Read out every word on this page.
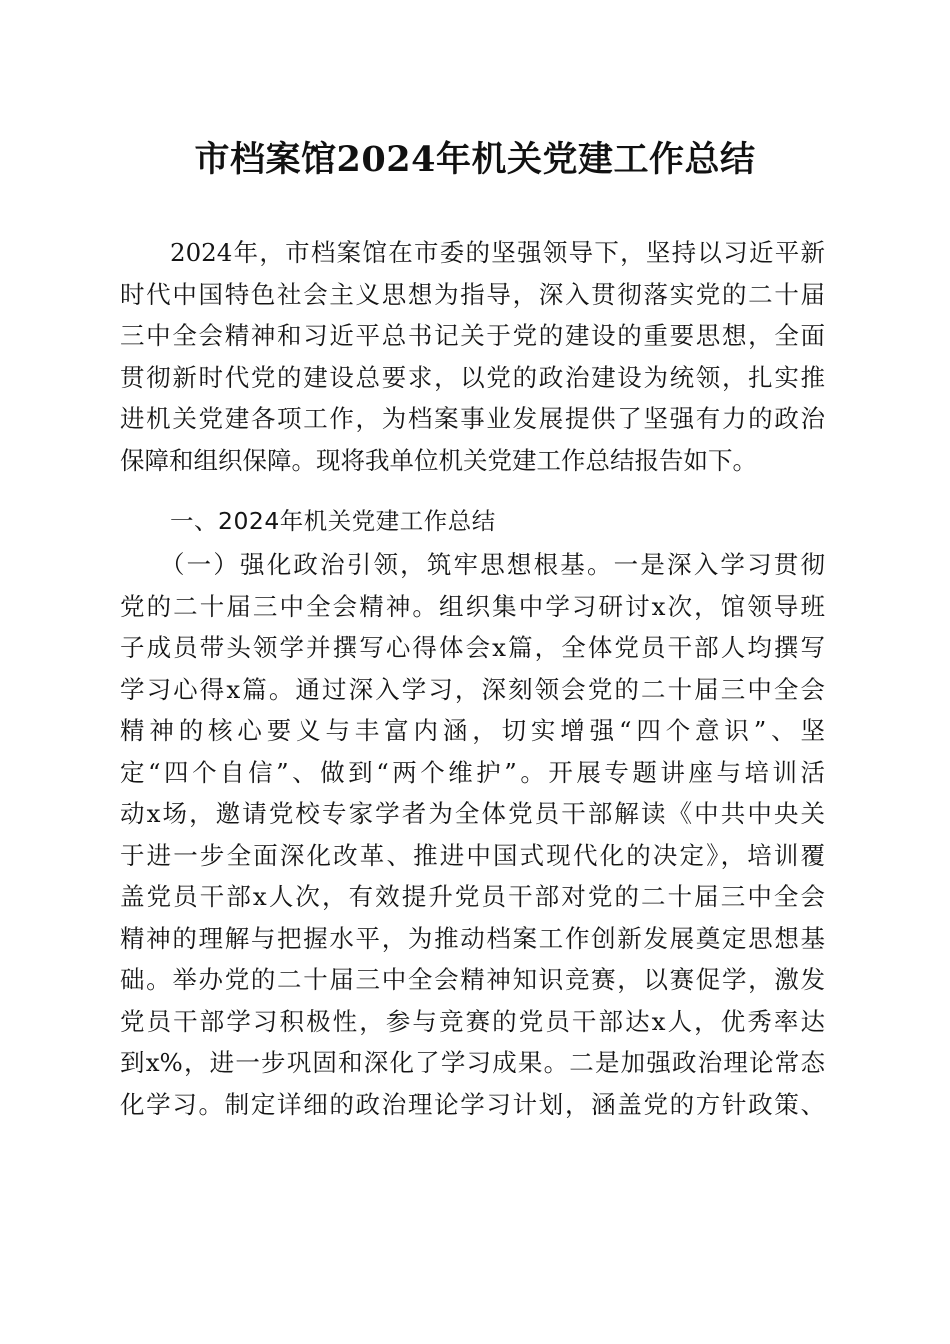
市档案馆2024年机关党建工作总结
2024年，市档案馆在市委的坚强领导下，坚持以习近平新
时代中国特色社会主义思想为指导，深入贯彻落实党的二十届
三中全会精神和习近平总书记关于党的建设的重要思想，全面
贯彻新时代党的建设总要求，以党的政治建设为统领，扎实推
进机关党建各项工作，为档案事业发展提供了坚强有力的政治
保障和组织保障。现将我单位机关党建工作总结报告如下。
一、2024年机关党建工作总结
（一）强化政治引领，筑牢思想根基。一是深入学习贯彻
党的二十届三中全会精神。组织集中学习研讨x次，馆领导班
子成员带头领学并撰写心得体会x篇，全体党员干部人均撰写
学习心得x篇。通过深入学习，深刻领会党的二十届三中全会
精神的核心要义与丰富内涵，切实增强“四个意识”、坚
定“四个自信”、做到“两个维护”。开展专题讲座与培训活
动x场，邀请党校专家学者为全体党员干部解读《中共中央关
于进一步全面深化改革、推进中国式现代化的决定》，培训覆
盖党员干部x人次，有效提升党员干部对党的二十届三中全会
精神的理解与把握水平，为推动档案工作创新发展奠定思想基
础。举办党的二十届三中全会精神知识竞赛，以赛促学，激发
党员干部学习积极性，参与竞赛的党员干部达x人，优秀率达
到x%，进一步巩固和深化了学习成果。二是加强政治理论常态
化学习。制定详细的政治理论学习计划，涵盖党的方针政策、
